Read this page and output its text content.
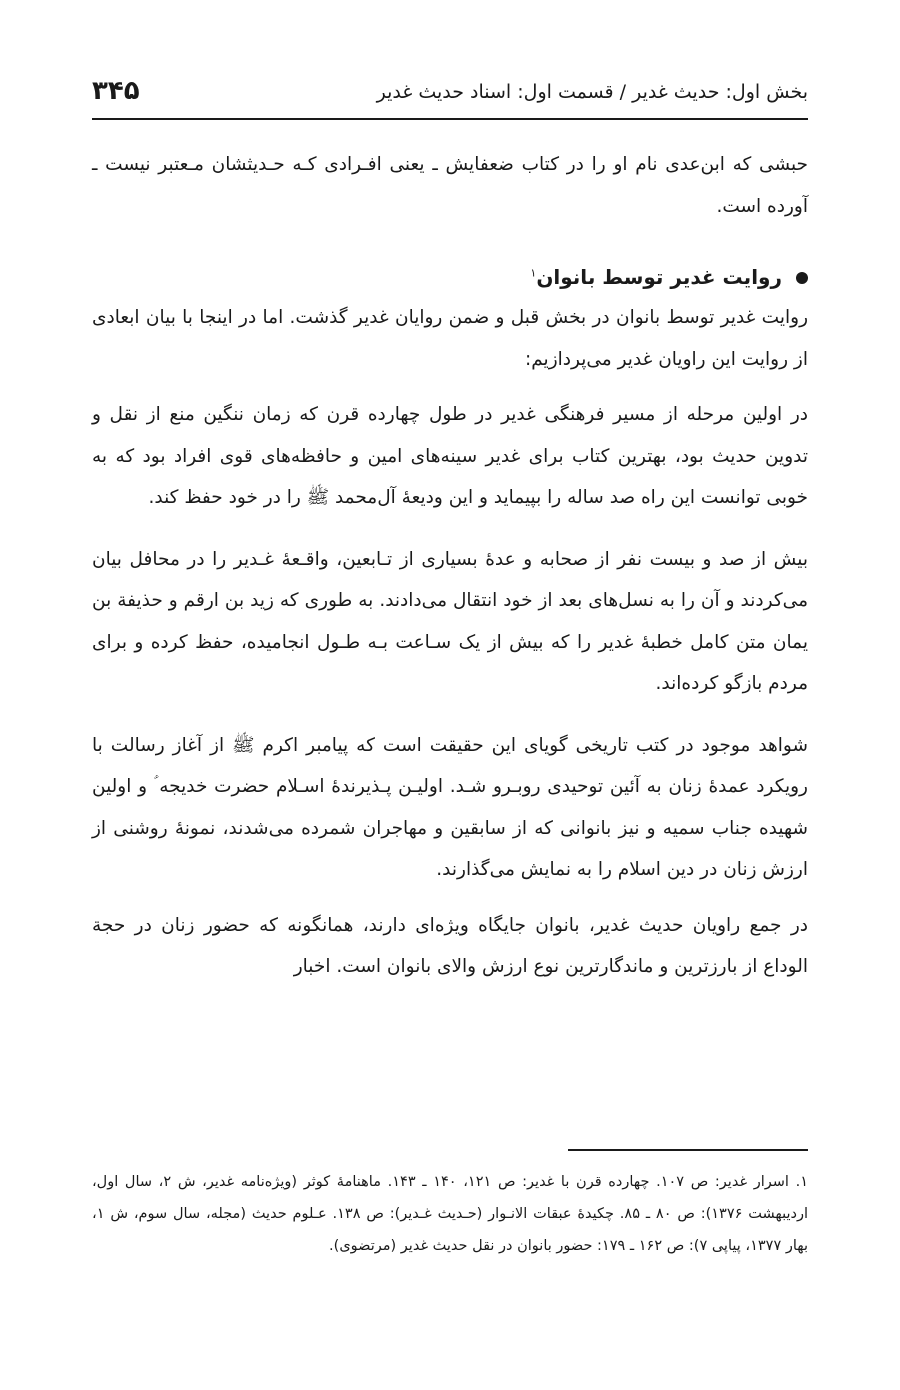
بخش اول: حدیث غدیر / قسمت اول: اسناد حدیث غدیر
۳۴۵

حبشی که ابن‌عدی نام او را در کتاب ضعفایش ـ یعنی افـرادی کـه حـدیثشان مـعتبر نیست ـ آورده است.

روایت غدیر توسط بانوان$^۱$

روایت غدیر توسط بانوان در بخش قبل و ضمن روایان غدیر گذشت. اما در اینجا با بیان ابعادی از روایت این راویان غدیر می‌پردازیم:

در اولین مرحله از مسیر فرهنگی غدیر در طول چهارده قرن که زمان ننگین منع از نقل و تدوین حدیث بود، بهترین کتاب برای غدیر سینه‌های امین و حافظه‌های قوی افراد بود که به خوبی توانست این راه صد ساله را بپیماید و این ودیعهٔ آل‌محمد ﷺ را در خود حفظ کند.

بیش از صد و بیست نفر از صحابه و عدهٔ بسیاری از تـابعین، واقـعهٔ غـدیر را در محافل بیان می‌کردند و آن را به نسل‌های بعد از خود انتقال می‌دادند. به طوری که زید بن ارقم و حذیفة بن یمان متن کامل خطبهٔ غدیر را که بیش از یک سـاعت بـه طـول انجامیده، حفظ کرده و برای مردم بازگو کرده‌اند.

شواهد موجود در کتب تاریخی گویای این حقیقت است که پیامبر اکرم ﷺ از آغاز رسالت با رویکرد عمدهٔ زنان به آئین توحیدی روبـرو شـد. اولیـن پـذیرندهٔ اسـلام حضرت خدیجه ؑ و اولین شهیده جناب سمیه و نیز بانوانی که از سابقین و مهاجران شمرده می‌شدند، نمونهٔ روشنی از ارزش زنان در دین اسلام را به نمایش می‌گذارند.

در جمع راویان حدیث غدیر، بانوان جایگاه ویژه‌ای دارند، همانگونه که حضور زنان در حجة الوداع از بارزترین و ماندگارترین نوع ارزش والای بانوان است. اخبار

۱. اسرار غدیر: ص ۱۰۷. چهارده قرن با غدیر: ص ۱۲۱، ۱۴۰ ـ ۱۴۳. ماهنامهٔ کوثر (ویژه‌نامه غدیر، ش ۲، سال اول، اردیبهشت ۱۳۷۶): ص ۸۰ ـ ۸۵. چکیدهٔ عبقات الانـوار (حـدیث غـدیر): ص ۱۳۸. عـلوم حدیث (مجله، سال سوم، ش ۱، بهار ۱۳۷۷، پیاپی ۷): ص ۱۶۲ ـ ۱۷۹: حضور بانوان در نقل حدیث غدیر (مرتضوی).
